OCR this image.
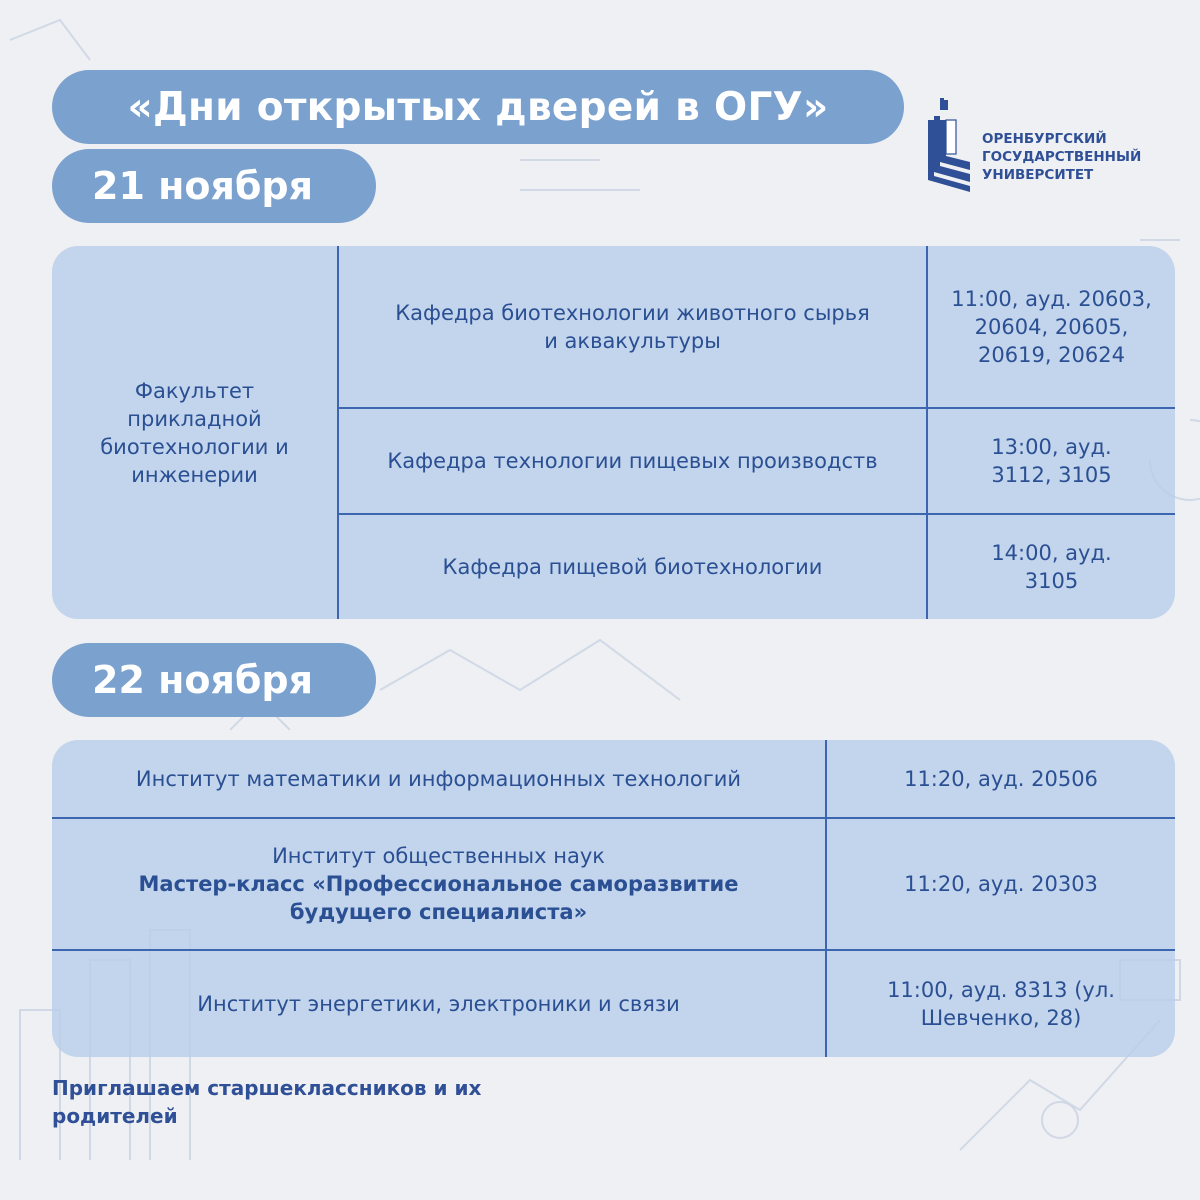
«Дни открытых дверей в ОГУ»
21 ноября
ОРЕНБУРГСКИЙ
ГОСУДАРСТВЕННЫЙ
УНИВЕРСИТЕТ
Факультет прикладной биотехнологии и инженерии
Кафедра биотехнологии животного сырья и аквакультуры
11:00, ауд. 20603, 20604, 20605, 20619, 20624
Кафедра технологии пищевых производств
13:00, ауд. 3112, 3105
Кафедра пищевой биотехнологии
14:00, ауд. 3105
22 ноября
Институт математики и информационных технологий	11:20, ауд. 20506
Институт общественных наук
Мастер-класс «Профессиональное саморазвитие будущего специалиста»
11:20, ауд. 20303
Институт энергетики, электроники и связи
11:00, ауд. 8313 (ул. Шевченко, 28)
Приглашаем старшеклассников и их родителей
